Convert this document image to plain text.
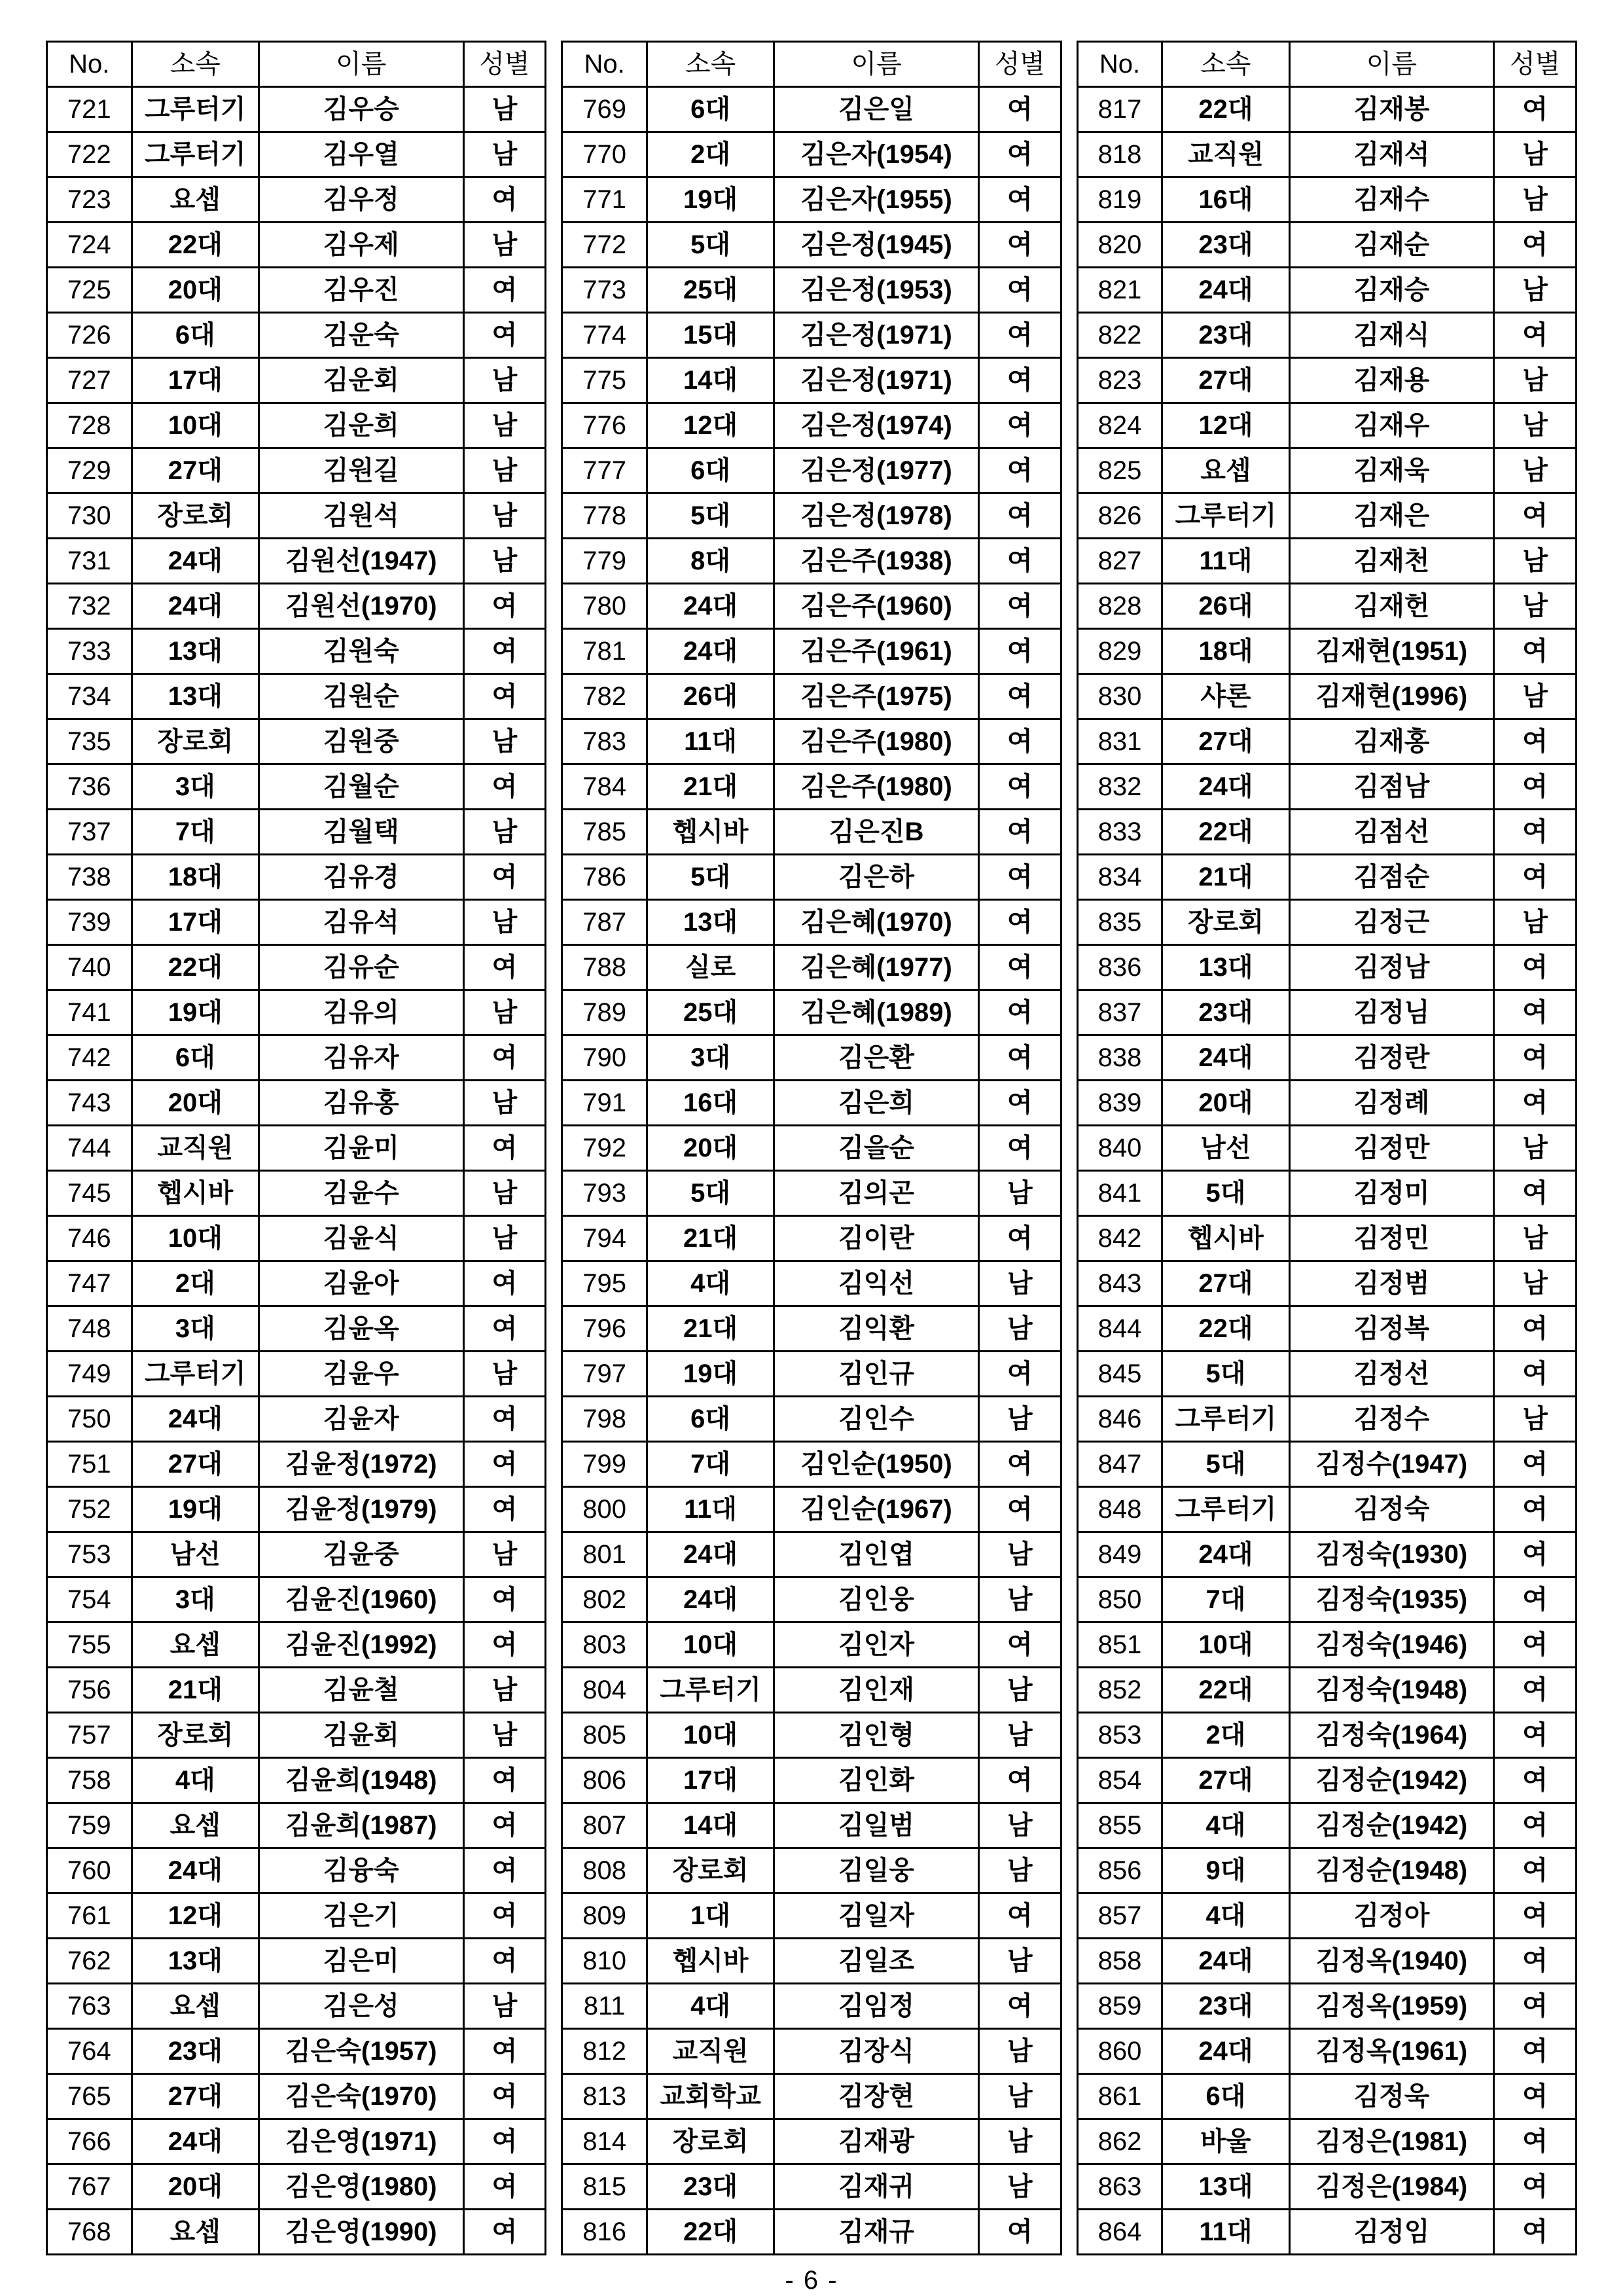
No.	소속	이름	성별
721	그루터기	김우승	남
722	그루터기	김우열	남
723	요셉	김우정	여
724	22대	김우제	남
725	20대	김우진	여
726	6대	김운숙	여
727	17대	김운회	남
728	10대	김운희	남
729	27대	김원길	남
730	장로회	김원석	남
731	24대	김원선(1947)	남
732	24대	김원선(1970)	여
733	13대	김원숙	여
734	13대	김원순	여
735	장로회	김원중	남
736	3대	김월순	여
737	7대	김월택	남
738	18대	김유경	여
739	17대	김유석	남
740	22대	김유순	여
741	19대	김유의	남
742	6대	김유자	여
743	20대	김유홍	남
744	교직원	김윤미	여
745	헵시바	김윤수	남
746	10대	김윤식	남
747	2대	김윤아	여
748	3대	김윤옥	여
749	그루터기	김윤우	남
750	24대	김윤자	여
751	27대	김윤정(1972)	여
752	19대	김윤정(1979)	여
753	남선	김윤중	남
754	3대	김윤진(1960)	여
755	요셉	김윤진(1992)	여
756	21대	김윤철	남
757	장로회	김윤회	남
758	4대	김윤희(1948)	여
759	요셉	김윤희(1987)	여
760	24대	김융숙	여
761	12대	김은기	여
762	13대	김은미	여
763	요셉	김은성	남
764	23대	김은숙(1957)	여
765	27대	김은숙(1970)	여
766	24대	김은영(1971)	여
767	20대	김은영(1980)	여
768	요셉	김은영(1990)	여
No.	소속	이름	성별
769	6대	김은일	여
770	2대	김은자(1954)	여
771	19대	김은자(1955)	여
772	5대	김은정(1945)	여
773	25대	김은정(1953)	여
774	15대	김은정(1971)	여
775	14대	김은정(1971)	여
776	12대	김은정(1974)	여
777	6대	김은정(1977)	여
778	5대	김은정(1978)	여
779	8대	김은주(1938)	여
780	24대	김은주(1960)	여
781	24대	김은주(1961)	여
782	26대	김은주(1975)	여
783	11대	김은주(1980)	여
784	21대	김은주(1980)	여
785	헵시바	김은진B	여
786	5대	김은하	여
787	13대	김은혜(1970)	여
788	실로	김은혜(1977)	여
789	25대	김은혜(1989)	여
790	3대	김은환	여
791	16대	김은희	여
792	20대	김을순	여
793	5대	김의곤	남
794	21대	김이란	여
795	4대	김익선	남
796	21대	김익환	남
797	19대	김인규	여
798	6대	김인수	남
799	7대	김인순(1950)	여
800	11대	김인순(1967)	여
801	24대	김인엽	남
802	24대	김인웅	남
803	10대	김인자	여
804	그루터기	김인재	남
805	10대	김인형	남
806	17대	김인화	여
807	14대	김일범	남
808	장로회	김일웅	남
809	1대	김일자	여
810	헵시바	김일조	남
811	4대	김임정	여
812	교직원	김장식	남
813	교회학교	김장현	남
814	장로회	김재광	남
815	23대	김재귀	남
816	22대	김재규	여
No.	소속	이름	성별
817	22대	김재봉	여
818	교직원	김재석	남
819	16대	김재수	남
820	23대	김재순	여
821	24대	김재승	남
822	23대	김재식	여
823	27대	김재용	남
824	12대	김재우	남
825	요셉	김재욱	남
826	그루터기	김재은	여
827	11대	김재천	남
828	26대	김재헌	남
829	18대	김재현(1951)	여
830	샤론	김재현(1996)	남
831	27대	김재홍	여
832	24대	김점남	여
833	22대	김점선	여
834	21대	김점순	여
835	장로회	김정근	남
836	13대	김정남	여
837	23대	김정님	여
838	24대	김정란	여
839	20대	김정례	여
840	남선	김정만	남
841	5대	김정미	여
842	헵시바	김정민	남
843	27대	김정범	남
844	22대	김정복	여
845	5대	김정선	여
846	그루터기	김정수	남
847	5대	김정수(1947)	여
848	그루터기	김정숙	여
849	24대	김정숙(1930)	여
850	7대	김정숙(1935)	여
851	10대	김정숙(1946)	여
852	22대	김정숙(1948)	여
853	2대	김정숙(1964)	여
854	27대	김정순(1942)	여
855	4대	김정순(1942)	여
856	9대	김정순(1948)	여
857	4대	김정아	여
858	24대	김정옥(1940)	여
859	23대	김정옥(1959)	여
860	24대	김정옥(1961)	여
861	6대	김정욱	여
862	바울	김정은(1981)	여
863	13대	김정은(1984)	여
864	11대	김정임	여
- 6 -
